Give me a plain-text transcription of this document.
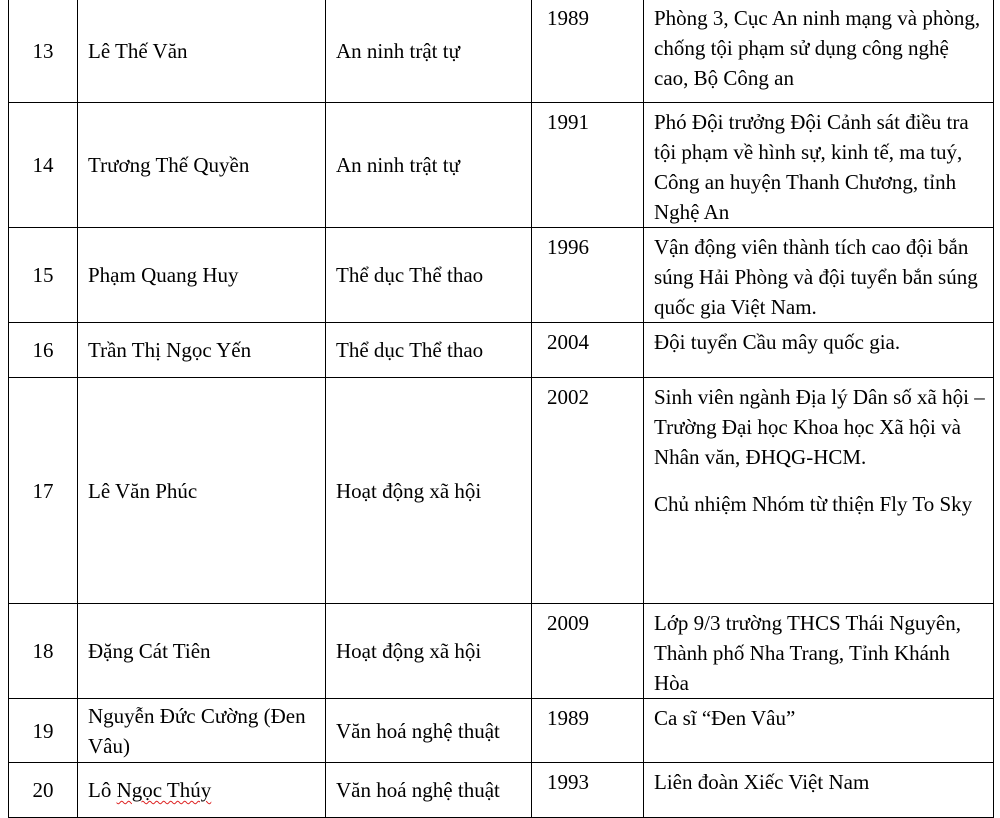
13	Lê Thế Văn	An ninh trật tự	1989	Phòng 3, Cục An ninh mạng và phòng, chống tội phạm sử dụng công nghệ cao, Bộ Công an

14	Trương Thế Quyền	An ninh trật tự	1991	Phó Đội trưởng Đội Cảnh sát điều tra tội phạm về hình sự, kinh tế, ma tuý, Công an huyện Thanh Chương, tỉnh Nghệ An

15	Phạm Quang Huy	Thể dục Thể thao	1996	Vận động viên thành tích cao đội bắn súng Hải Phòng và đội tuyển bắn súng quốc gia Việt Nam.

16	Trần Thị Ngọc Yến	Thể dục Thể thao	2004	Đội tuyển Cầu mây quốc gia.

17	Lê Văn Phúc	Hoạt động xã hội	2002	Sinh viên ngành Địa lý Dân số xã hội – Trường Đại học Khoa học Xã hội và Nhân văn, ĐHQG-HCM.

Chủ nhiệm Nhóm từ thiện Fly To Sky

18	Đặng Cát Tiên	Hoạt động xã hội	2009	Lớp 9/3 trường THCS Thái Nguyên, Thành phố Nha Trang, Tỉnh Khánh Hòa

19	Nguyễn Đức Cường (Đen Vâu)	Văn hoá nghệ thuật	1989	Ca sĩ “Đen Vâu”

20	Lô Ngọc Thúy	Văn hoá nghệ thuật	1993	Liên đoàn Xiếc Việt Nam
